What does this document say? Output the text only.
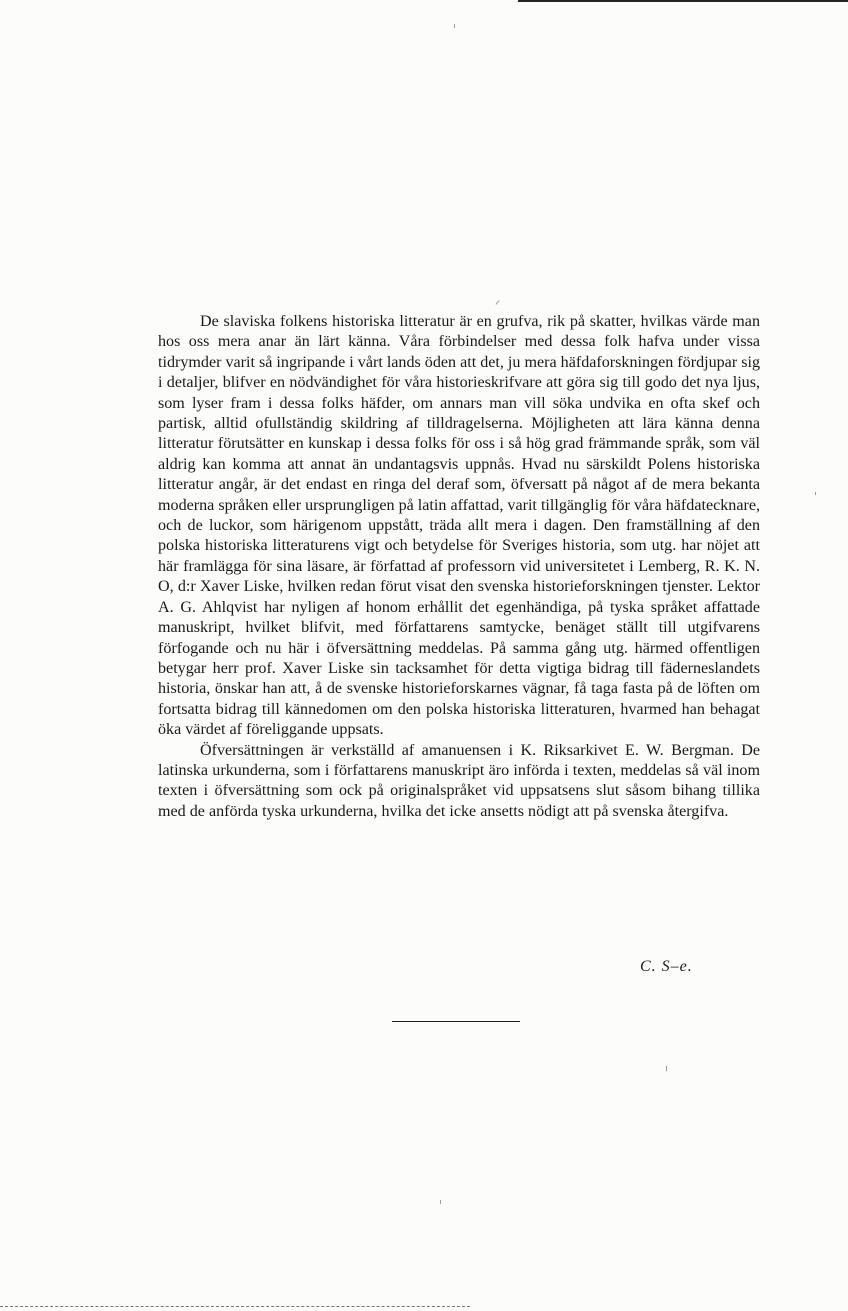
De slaviska folkens historiska litteratur är en grufva, rik på skatter, hvilkas värde man hos oss mera anar än lärt känna. Våra förbindelser med dessa folk hafva under vissa tidrymder varit så ingripande i vårt lands öden att det, ju mera häfdaforskningen fördjupar sig i detaljer, blifver en nödvändighet för våra historieskrifvare att göra sig till godo det nya ljus, som lyser fram i dessa folks häfder, om annars man vill söka undvika en ofta skef och partisk, alltid ofullständig skildring af tilldragelserna. Möjligheten att lära känna denna litteratur förutsätter en kunskap i dessa folks för oss i så hög grad främmande språk, som väl aldrig kan komma att annat än undantagsvis uppnås. Hvad nu särskildt Polens historiska litteratur angår, är det endast en ringa del deraf som, öfversatt på något af de mera bekanta moderna språken eller ursprungligen på latin affattad, varit tillgänglig för våra häfdatecknare, och de luckor, som härigenom uppstått, träda allt mera i dagen. Den framställning af den polska historiska litteraturens vigt och betydelse för Sveriges historia, som utg. har nöjet att här framlägga för sina läsare, är författad af professorn vid universitetet i Lemberg, R. K. N. O, d:r Xaver Liske, hvilken redan förut visat den svenska historieforskningen tjenster. Lektor A. G. Ahlqvist har nyligen af honom erhållit det egenhändiga, på tyska språket affattade manuskript, hvilket blifvit, med författarens samtycke, benäget ställt till utgifvarens förfogande och nu här i öfversättning meddelas. På samma gång utg. härmed offentligen betygar herr prof. Xaver Liske sin tacksamhet för detta vigtiga bidrag till fäderneslandets historia, önskar han att, å de svenske historieforskarnes vägnar, få taga fasta på de löften om fortsatta bidrag till kännedomen om den polska historiska litteraturen, hvarmed han behagat öka värdet af föreliggande uppsats.

Öfversättningen är verkställd af amanuensen i K. Riksarkivet E. W. Bergman. De latinska urkunderna, som i författarens manuskript äro införda i texten, meddelas så väl inom texten i öfversättning som ock på originalspråket vid uppsatsens slut såsom bihang tillika med de anförda tyska urkunderna, hvilka det icke ansetts nödigt att på svenska återgifva.

C. S–e.
